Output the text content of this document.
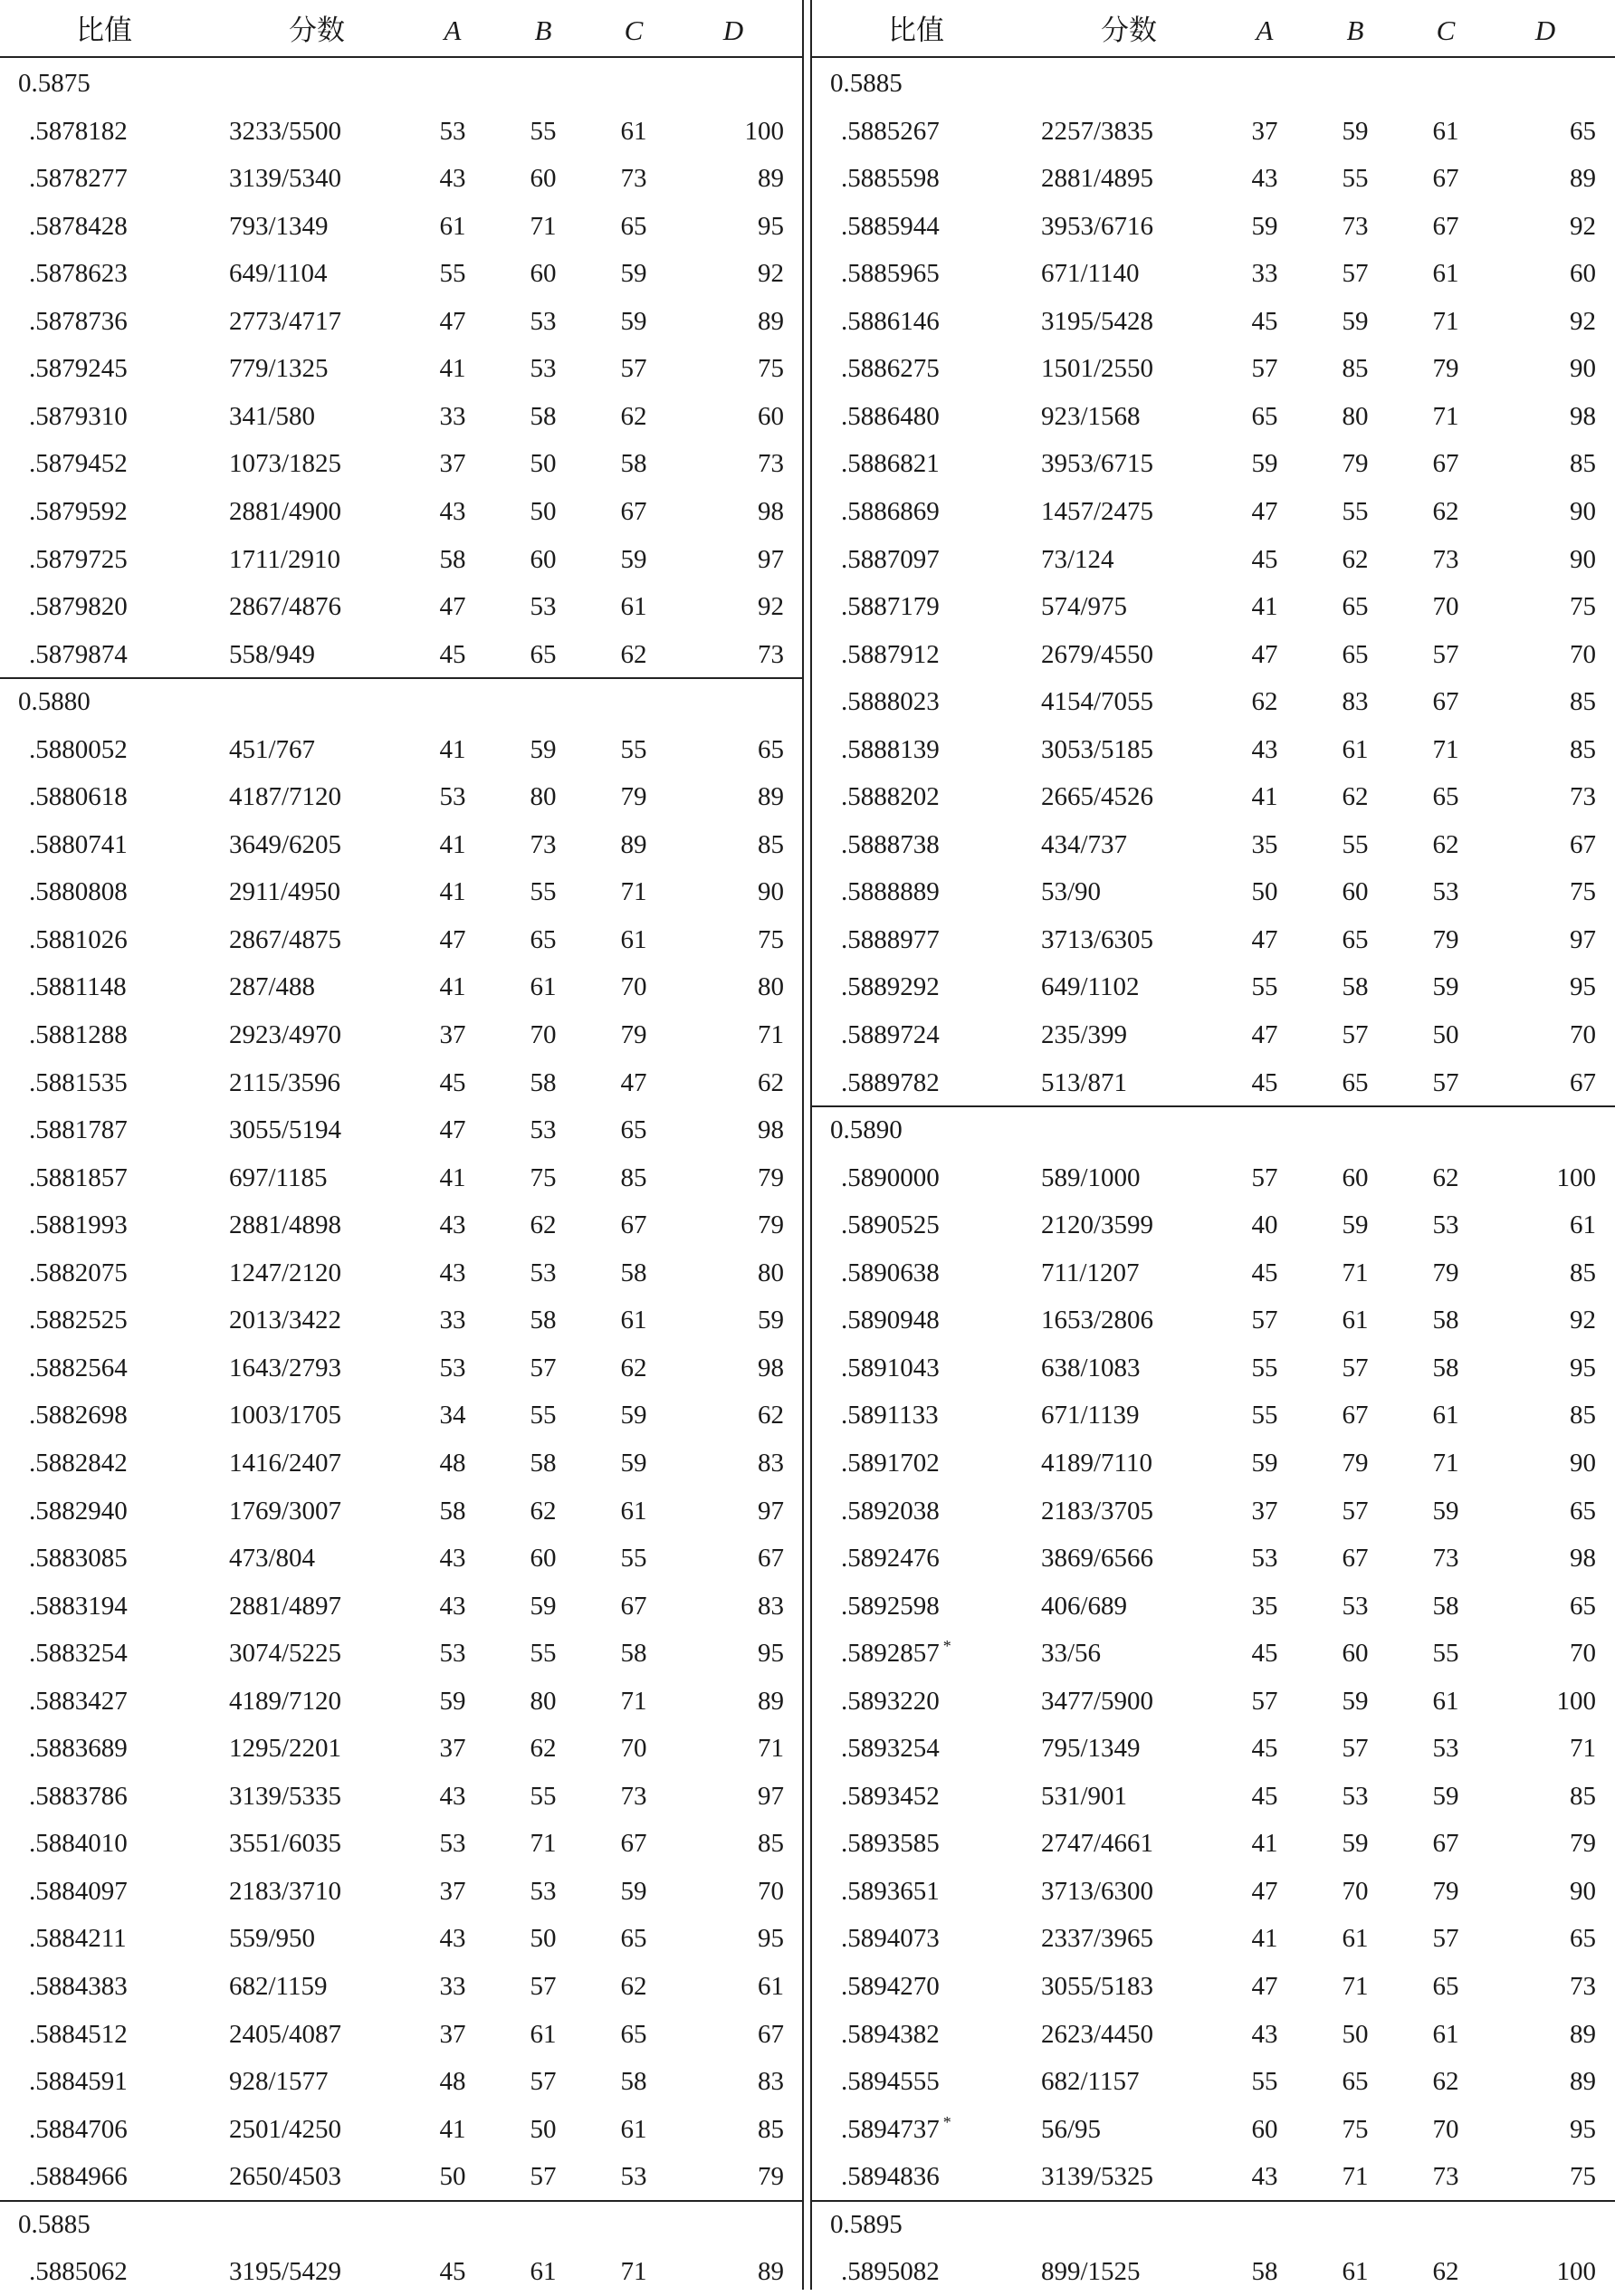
比值	分数	A	B	C	D
0.5875
.5878182	3233/5500	53	55	61	100
.5878277	3139/5340	43	60	73	89
.5878428	793/1349	61	71	65	95
.5878623	649/1104	55	60	59	92
.5878736	2773/4717	47	53	59	89
.5879245	779/1325	41	53	57	75
.5879310	341/580	33	58	62	60
.5879452	1073/1825	37	50	58	73
.5879592	2881/4900	43	50	67	98
.5879725	1711/2910	58	60	59	97
.5879820	2867/4876	47	53	61	92
.5879874	558/949	45	65	62	73
0.5880
.5880052	451/767	41	59	55	65
.5880618	4187/7120	53	80	79	89
.5880741	3649/6205	41	73	89	85
.5880808	2911/4950	41	55	71	90
.5881026	2867/4875	47	65	61	75
.5881148	287/488	41	61	70	80
.5881288	2923/4970	37	70	79	71
.5881535	2115/3596	45	58	47	62
.5881787	3055/5194	47	53	65	98
.5881857	697/1185	41	75	85	79
.5881993	2881/4898	43	62	67	79
.5882075	1247/2120	43	53	58	80
.5882525	2013/3422	33	58	61	59
.5882564	1643/2793	53	57	62	98
.5882698	1003/1705	34	55	59	62
.5882842	1416/2407	48	58	59	83
.5882940	1769/3007	58	62	61	97
.5883085	473/804	43	60	55	67
.5883194	2881/4897	43	59	67	83
.5883254	3074/5225	53	55	58	95
.5883427	4189/7120	59	80	71	89
.5883689	1295/2201	37	62	70	71
.5883786	3139/5335	43	55	73	97
.5884010	3551/6035	53	71	67	85
.5884097	2183/3710	37	53	59	70
.5884211	559/950	43	50	65	95
.5884383	682/1159	33	57	62	61
.5884512	2405/4087	37	61	65	67
.5884591	928/1577	48	57	58	83
.5884706	2501/4250	41	50	61	85
.5884966	2650/4503	50	57	53	79
0.5885
.5885062	3195/5429	45	61	71	89
比值	分数	A	B	C	D
0.5885
.5885267	2257/3835	37	59	61	65
.5885598	2881/4895	43	55	67	89
.5885944	3953/6716	59	73	67	92
.5885965	671/1140	33	57	61	60
.5886146	3195/5428	45	59	71	92
.5886275	1501/2550	57	85	79	90
.5886480	923/1568	65	80	71	98
.5886821	3953/6715	59	79	67	85
.5886869	1457/2475	47	55	62	90
.5887097	73/124	45	62	73	90
.5887179	574/975	41	65	70	75
.5887912	2679/4550	47	65	57	70
.5888023	4154/7055	62	83	67	85
.5888139	3053/5185	43	61	71	85
.5888202	2665/4526	41	62	65	73
.5888738	434/737	35	55	62	67
.5888889	53/90	50	60	53	75
.5888977	3713/6305	47	65	79	97
.5889292	649/1102	55	58	59	95
.5889724	235/399	47	57	50	70
.5889782	513/871	45	65	57	67
0.5890
.5890000	589/1000	57	60	62	100
.5890525	2120/3599	40	59	53	61
.5890638	711/1207	45	71	79	85
.5890948	1653/2806	57	61	58	92
.5891043	638/1083	55	57	58	95
.5891133	671/1139	55	67	61	85
.5891702	4189/7110	59	79	71	90
.5892038	2183/3705	37	57	59	65
.5892476	3869/6566	53	67	73	98
.5892598	406/689	35	53	58	65
.5892857 *	33/56	45	60	55	70
.5893220	3477/5900	57	59	61	100
.5893254	795/1349	45	57	53	71
.5893452	531/901	45	53	59	85
.5893585	2747/4661	41	59	67	79
.5893651	3713/6300	47	70	79	90
.5894073	2337/3965	41	61	57	65
.5894270	3055/5183	47	71	65	73
.5894382	2623/4450	43	50	61	89
.5894555	682/1157	55	65	62	89
.5894737 *	56/95	60	75	70	95
.5894836	3139/5325	43	71	73	75
0.5895
.5895082	899/1525	58	61	62	100
